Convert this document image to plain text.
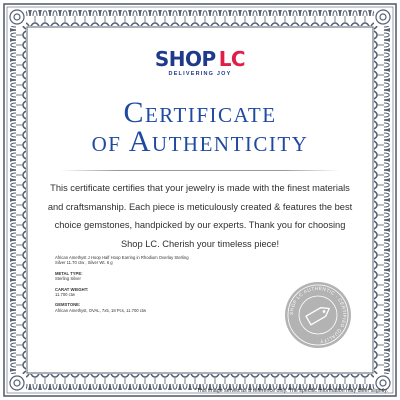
SHOP LC
DELIVERING JOY
Certificate
of Authenticity
This certificate certifies that your jewelry is made with the finest materials and craftsmanship. Each piece is meticulously created & features the best choice gemstones, handpicked by our experts. Thank you for choosing Shop LC. Cherish your timeless piece!
African Amethyst J Hoop Half Hoop Earring in Rhodium Overlay Sterling
Silver 11.70 ctw , Silver Wt. 6 g
METAL TYPE:
Sterling Silver
CARAT WEIGHT:
11.700 ctw
GEMSTONE:
African Amethyst, OVAL, 7x5, 18 Pcs, 11.700 ctw
SHOP LC AUTHENTIC · CERTIFIED QUALITY ·
*This image serves as a reference only. The specific information may differ slightly.
